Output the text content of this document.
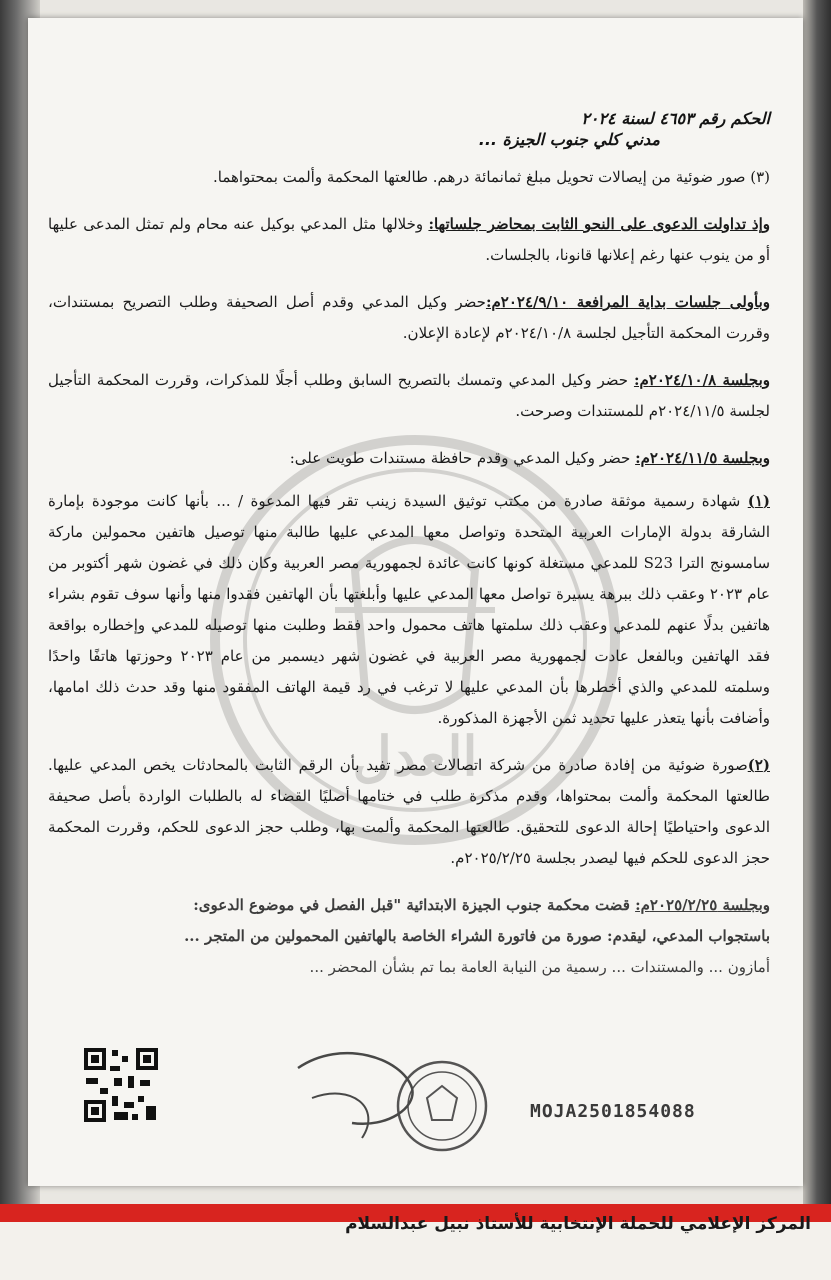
العدل

الحكم رقم ٤٦٥٣ لسنة ٢٠٢٤

مدني كلي جنوب الجيزة ...

(٣) صور ضوئية من إيصالات تحويل مبلغ ثمانمائة درهم. طالعتها المحكمة وألمت بمحتواهما.

وإذ تداولت الدعوى على النحو الثابت بمحاضر جلساتها: وخلالها مثل المدعي بوكيل عنه محام ولم تمثل المدعى عليها أو من ينوب عنها رغم إعلانها قانونا، بالجلسات.

وبأولى جلسات بداية المرافعة ٢٠٢٤/٩/١٠م:حضر وكيل المدعي وقدم أصل الصحيفة وطلب التصريح بمستندات، وقررت المحكمة التأجيل لجلسة ٢٠٢٤/١٠/٨م لإعادة الإعلان.

وبجلسة ٢٠٢٤/١٠/٨م: حضر وكيل المدعي وتمسك بالتصريح السابق وطلب أجلًا للمذكرات، وقررت المحكمة التأجيل لجلسة ٢٠٢٤/١١/٥م للمستندات وصرحت.

وبجلسة ٢٠٢٤/١١/٥م: حضر وكيل المدعي وقدم حافظة مستندات طويت على:

(١) شهادة رسمية موثقة صادرة من مكتب توثيق السيدة زينب تقر فيها المدعوة / ... بأنها كانت موجودة بإمارة الشارقة بدولة الإمارات العربية المتحدة وتواصل معها المدعي عليها طالبة منها توصيل هاتفين محمولين ماركة سامسونج الترا S23 للمدعي مستغلة كونها كانت عائدة لجمهورية مصر العربية وكان ذلك في غضون شهر أكتوبر من عام ٢٠٢٣ وعقب ذلك ببرهة يسيرة تواصل معها المدعي عليها وأبلغتها بأن الهاتفين فقدوا منها وأنها سوف تقوم بشراء هاتفين بدلًا عنهم للمدعي وعقب ذلك سلمتها هاتف محمول واحد فقط وطلبت منها توصيله للمدعي وإخطاره بواقعة فقد الهاتفين وبالفعل عادت لجمهورية مصر العربية في غضون شهر ديسمبر من عام ٢٠٢٣ وحوزتها هاتفًا واحدًا وسلمته للمدعي والذي أخطرها بأن المدعي عليها لا ترغب في رد قيمة الهاتف المفقود منها وقد حدث ذلك امامها، وأضافت بأنها يتعذر عليها تحديد ثمن الأجهزة المذكورة.

(٢)صورة ضوئية من إفادة صادرة من شركة اتصالات مصر تفيد بأن الرقم الثابت بالمحادثات يخص المدعي عليها. طالعتها المحكمة وألمت بمحتواها، وقدم مذكرة طلب في ختامها أصليًا القضاء له بالطلبات الواردة بأصل صحيفة الدعوى واحتياطيًا إحالة الدعوى للتحقيق. طالعتها المحكمة وألمت بها، وطلب حجز الدعوى للحكم، وقررت المحكمة حجز الدعوى للحكم فيها ليصدر بجلسة ٢٠٢٥/٢/٢٥م.

وبجلسة ٢٠٢٥/٢/٢٥م: قضت محكمة جنوب الجيزة الابتدائية "قبل الفصل في موضوع الدعوى:

باستجواب المدعي، ليقدم: صورة من فاتورة الشراء الخاصة بالهاتفين المحمولين من المتجر ...

أمازون ... والمستندات ... رسمية من النيابة العامة بما تم بشأن المحضر ...

MOJA2501854088
المركز الإعلامي للحملة الإنتخابية للأستاذ نبيل عبدالسلام
